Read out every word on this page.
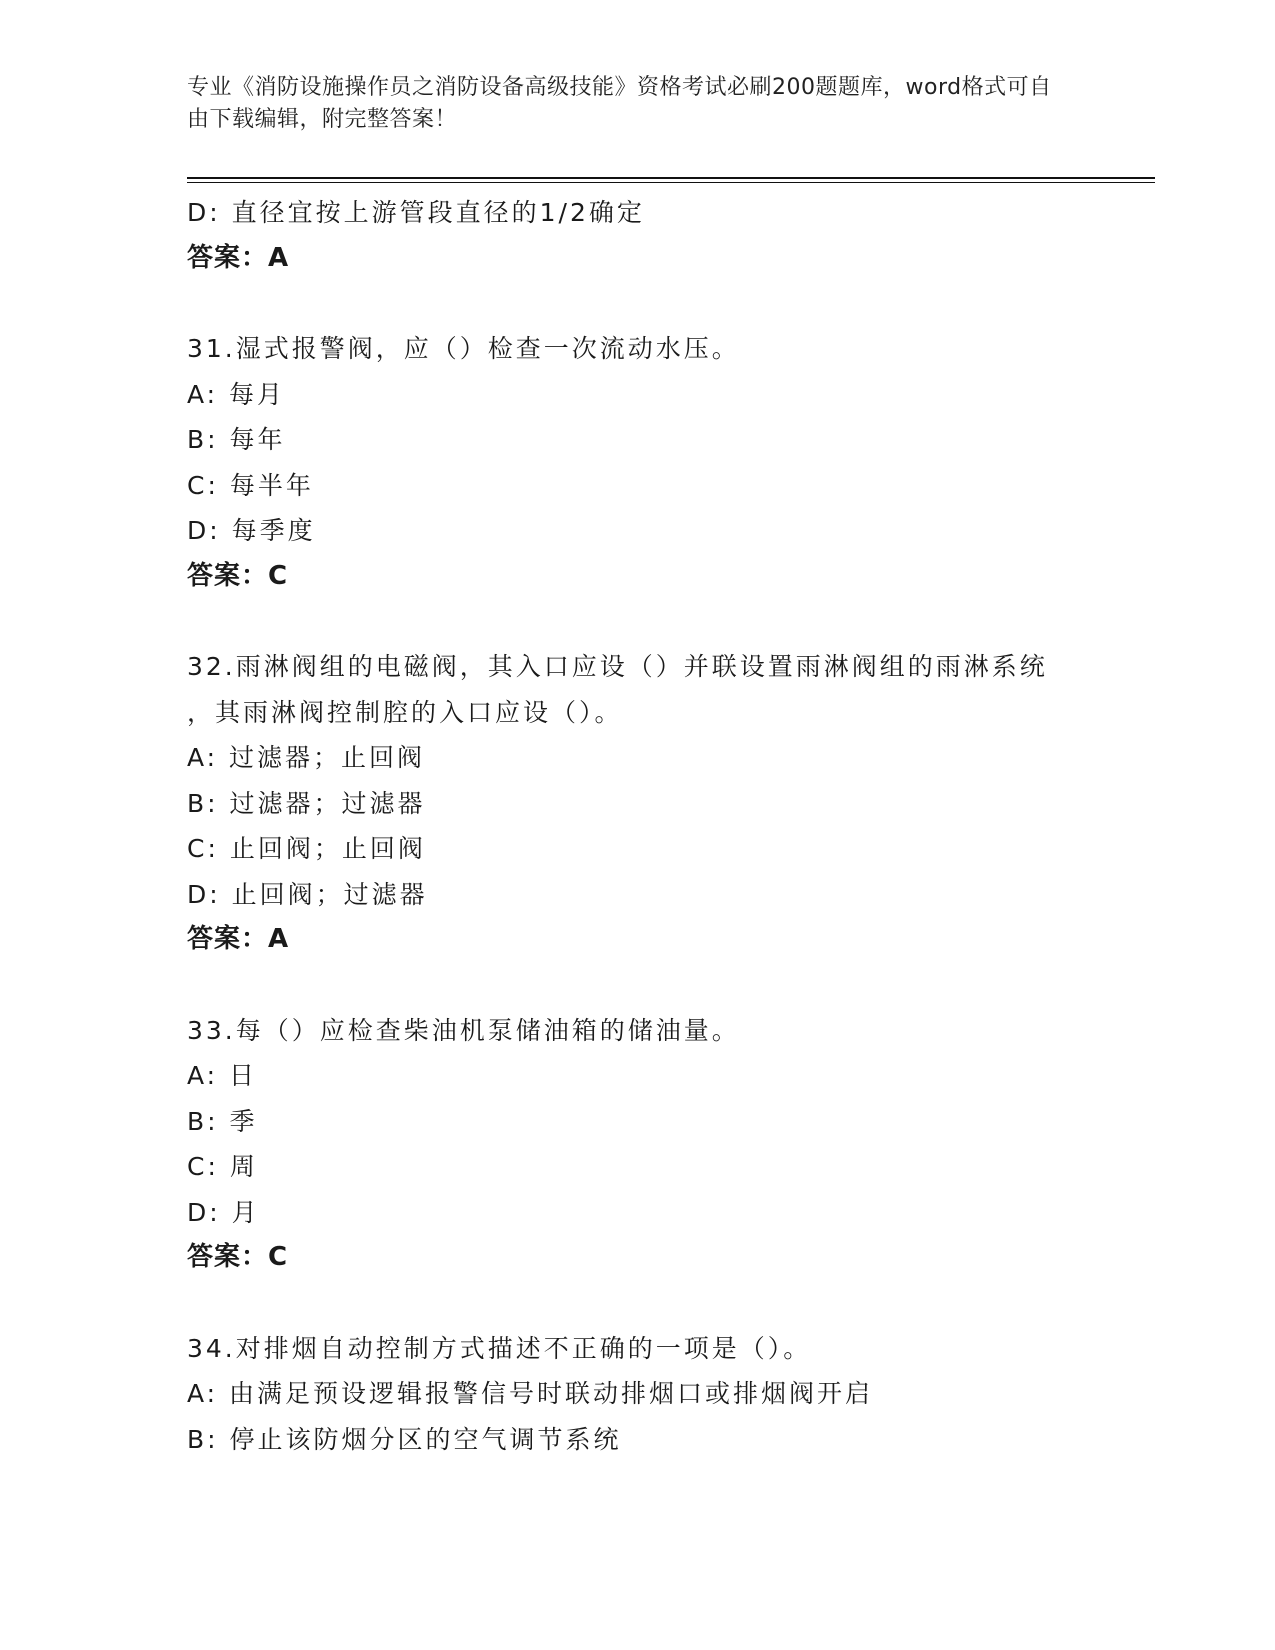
专业《消防设施操作员之消防设备高级技能》资格考试必刷200题题库，word格式可自由下载编辑，附完整答案！
D: 直径宜按上游管段直径的1/2确定
答案：A
31.湿式报警阀，应（）检查一次流动水压。
A: 每月
B: 每年
C: 每半年
D: 每季度
答案：C
32.雨淋阀组的电磁阀，其入口应设（）并联设置雨淋阀组的雨淋系统
，其雨淋阀控制腔的入口应设（）。
A: 过滤器；止回阀
B: 过滤器；过滤器
C: 止回阀；止回阀
D: 止回阀；过滤器
答案：A
33.每（）应检查柴油机泵储油箱的储油量。
A: 日
B: 季
C: 周
D: 月
答案：C
34.对排烟自动控制方式描述不正确的一项是（）。
A: 由满足预设逻辑报警信号时联动排烟口或排烟阀开启
B: 停止该防烟分区的空气调节系统
